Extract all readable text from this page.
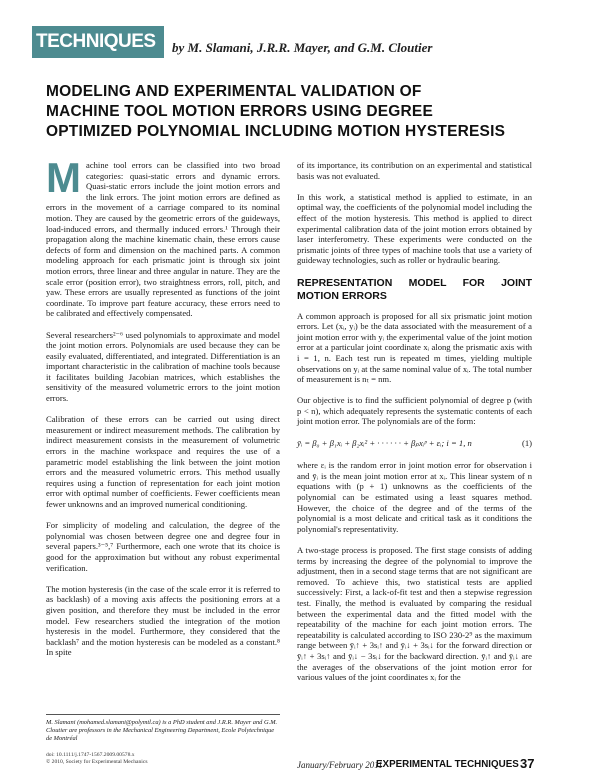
TECHNIQUES	by M. Slamani, J.R.R. Mayer, and G.M. Cloutier
MODELING AND EXPERIMENTAL VALIDATION OF
MACHINE TOOL MOTION ERRORS USING DEGREE
OPTIMIZED POLYNOMIAL INCLUDING MOTION HYSTERESIS

Machine tool errors can be classified into two broad categories: quasi-static errors and dynamic errors. Quasi-static errors include the joint motion errors and the link errors. The joint motion errors are defined as errors in the movement of a carriage compared to its nominal motion. They are caused by the geometric errors of the guideways, load-induced errors, and thermally induced errors.¹ Through their propagation along the machine kinematic chain, these errors cause defects of form and dimension on the machined parts. A common modeling approach for each prismatic joint is through six joint motion errors, three linear and three angular in nature. They are the scale error (position error), two straightness errors, roll, pitch, and yaw. These errors are usually represented as functions of the joint coordinate. To improve part feature accuracy, these errors need to be calibrated and effectively compensated.

Several researchers²⁻⁶ used polynomials to approximate and model the joint motion errors. Polynomials are used because they can be easily evaluated, differentiated, and integrated. Differentiation is an important characteristic in the calibration of machine tools because it facilitates building Jacobian matrices, which establishes the sensitivity of the measured volumetric errors to the joint motion errors.

Calibration of these errors can be carried out using direct measurement or indirect measurement methods. The calibration by indirect measurement consists in the measurement of volumetric errors in the machine workspace and requires the use of a parametric model establishing the link between the joint motion errors and the measured volumetric errors. This method usually requires using a function of representation for each joint motion error with optimal number of coefficients. Fewer coefficients mean fewer unknowns and an improved numerical conditioning.

For simplicity of modeling and calculation, the degree of the polynomial was chosen between degree one and degree four in several papers.³⁻⁵,⁷ Furthermore, each one wrote that its choice is good for the approximation but without any robust experimental verification.

The motion hysteresis (in the case of the scale error it is referred to as backlash) of a moving axis affects the positioning errors at a given position, and therefore they must be included in the error model. Few researchers studied the integration of the motion hysteresis in the model. Furthermore, they considered that the backlash⁷ and the motion hysteresis can be modeled as a constant.⁸ In spite

of its importance, its contribution on an experimental and statistical basis was not evaluated.

In this work, a statistical method is applied to estimate, in an optimal way, the coefficients of the polynomial model including the effect of the motion hysteresis. This method is applied to direct experimental calibration data of the joint motion errors obtained by laser interferometry. These experiments were conducted on the prismatic joints of three types of machine tools that use a variety of guideway technologies, such as roller or hydraulic bearing.

REPRESENTATION MODEL FOR JOINT MOTION ERRORS

A common approach is proposed for all six prismatic joint motion errors. Let (xᵢ, yᵢ) be the data associated with the measurement of a joint motion error with yᵢ the experimental value of the joint motion error at a particular joint coordinate xᵢ along the prismatic axis with i = 1, n. Each test run is repeated m times, yielding multiple observations on yᵢ at the same nominal value of xᵢ. The total number of measurement is nₜ = nm.

Our objective is to find the sufficient polynomial of degree p (with p < n), which adequately represents the systematic contents of each joint motion error. The polynomials are of the form:

ȳᵢ = β₀ + β₁xᵢ + β₂xᵢ² + · · · · · · + βₚxᵢᵖ + εᵢ; i = 1, n	(1)

where εᵢ is the random error in joint motion error for observation i and ȳᵢ is the mean joint motion error at xᵢ. This linear system of n equations with (p + 1) unknowns as the coefficients of the polynomial can be estimated using a least squares method. However, the choice of the degree and of the terms of the polynomial is a most delicate and critical task as it conditions the polynomial's representativity.

A two-stage process is proposed. The first stage consists of adding terms by increasing the degree of the polynomial to improve the adjustment, then in a second stage terms that are not significant are removed. To achieve this, two statistical tests are applied successively: First, a lack-of-fit test and then a stepwise regression test. Finally, the method is evaluated by comparing the residual between the experimental data and the fitted model with the repeatability of the machine for each joint motion errors. The repeatability is calculated according to ISO 230-2⁹ as the maximum range between ȳᵢ↑ + 3sᵢ↑ and ȳᵢ↓ + 3sᵢ↓ for the forward direction or ȳᵢ↑ + 3sᵢ↑ and ȳᵢ↓ − 3sᵢ↓ for the backward direction. ȳᵢ↑ and ȳᵢ↓ are the averages of the observations of the joint motion error for various values of the joint coordinates xᵢ for the

M. Slamani (mohamed.slamani@polymtl.ca) is a PhD student and J.R.R. Mayer and G.M. Cloutier are professors in the Mechanical Engineering Department, Ecole Polytechnique de Montréal
doi: 10.1111/j.1747-1567.2009.00578.x
© 2010, Society for Experimental Mechanics	January/February 2011
EXPERIMENTAL TECHNIQUES 37
